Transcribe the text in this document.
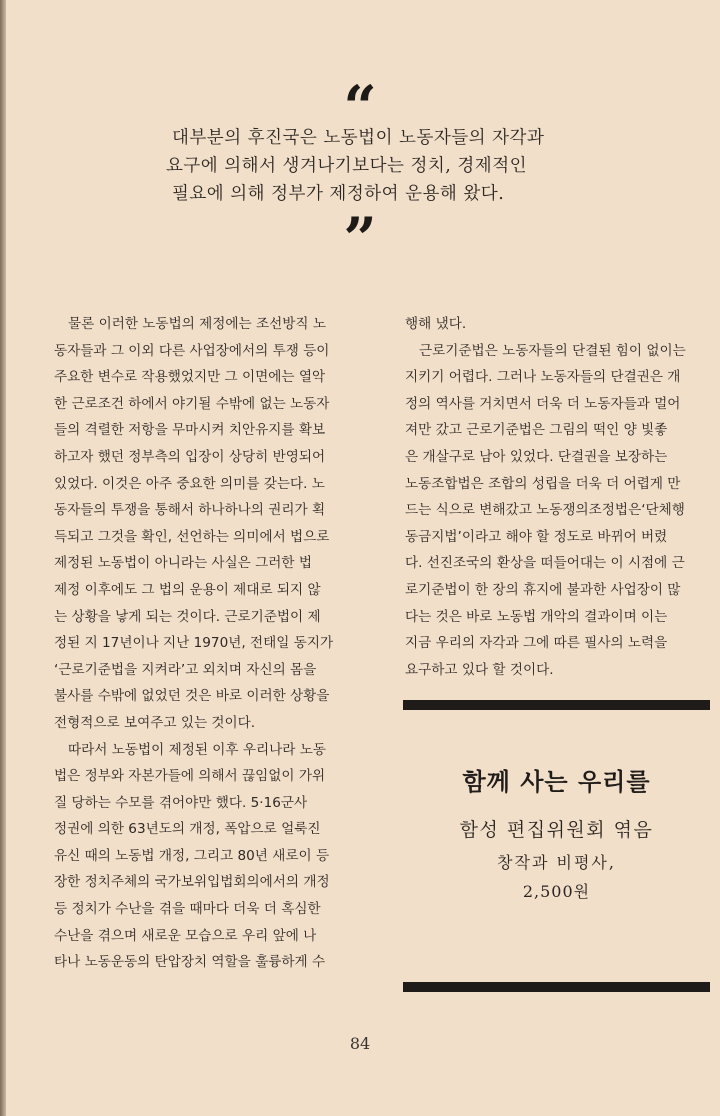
“
대부분의 후진국은 노동법이 노동자들의 자각과
요구에 의해서 생겨나기보다는 정치, 경제적인
필요에 의해 정부가 제정하여 운용해 왔다.
”
물론 이러한 노동법의 제정에는 조선방직 노
동자들과 그 이외 다른 사업장에서의 투쟁 등이
주요한 변수로 작용했었지만 그 이면에는 열악
한 근로조건 하에서 야기될 수밖에 없는 노동자
들의 격렬한 저항을 무마시켜 치안유지를 확보
하고자 했던 정부측의 입장이 상당히 반영되어
있었다. 이것은 아주 중요한 의미를 갖는다. 노
동자들의 투쟁을 통해서 하나하나의 권리가 획
득되고 그것을 확인, 선언하는 의미에서 법으로
제정된 노동법이 아니라는 사실은 그러한 법
제정 이후에도 그 법의 운용이 제대로 되지 않
는 상황을 낳게 되는 것이다. 근로기준법이 제
정된 지 17년이나 지난 1970년, 전태일 동지가
‘근로기준법을 지켜라’고 외치며 자신의 몸을
불사를 수밖에 없었던 것은 바로 이러한 상황을
전형적으로 보여주고 있는 것이다.
따라서 노동법이 제정된 이후 우리나라 노동
법은 정부와 자본가들에 의해서 끊임없이 가위
질 당하는 수모를 겪어야만 했다. 5·16군사
정권에 의한 63년도의 개정, 폭압으로 얼룩진
유신 때의 노동법 개정, 그리고 80년 새로이 등
장한 정치주체의 국가보위입법회의에서의 개정
등 정치가 수난을 겪을 때마다 더욱 더 혹심한
수난을 겪으며 새로운 모습으로 우리 앞에 나
타나 노동운동의 탄압장치 역할을 훌륭하게 수
행해 냈다.
근로기준법은 노동자들의 단결된 힘이 없이는
지키기 어렵다. 그러나 노동자들의 단결권은 개
정의 역사를 거치면서 더욱 더 노동자들과 멀어
져만 갔고 근로기준법은 그림의 떡인 양 빛좋
은 개살구로 남아 있었다. 단결권을 보장하는
노동조합법은 조합의 성립을 더욱 더 어렵게 만
드는 식으로 변해갔고 노동쟁의조정법은‘단체행
동금지법’이라고 해야 할 정도로 바뀌어 버렸
다. 선진조국의 환상을 떠들어대는 이 시점에 근
로기준법이 한 장의 휴지에 불과한 사업장이 많
다는 것은 바로 노동법 개악의 결과이며 이는
지금 우리의 자각과 그에 따른 필사의 노력을
요구하고 있다 할 것이다.
함께 사는 우리를
함성 편집위원회 엮음
창작과 비평사,
2,500원
84
